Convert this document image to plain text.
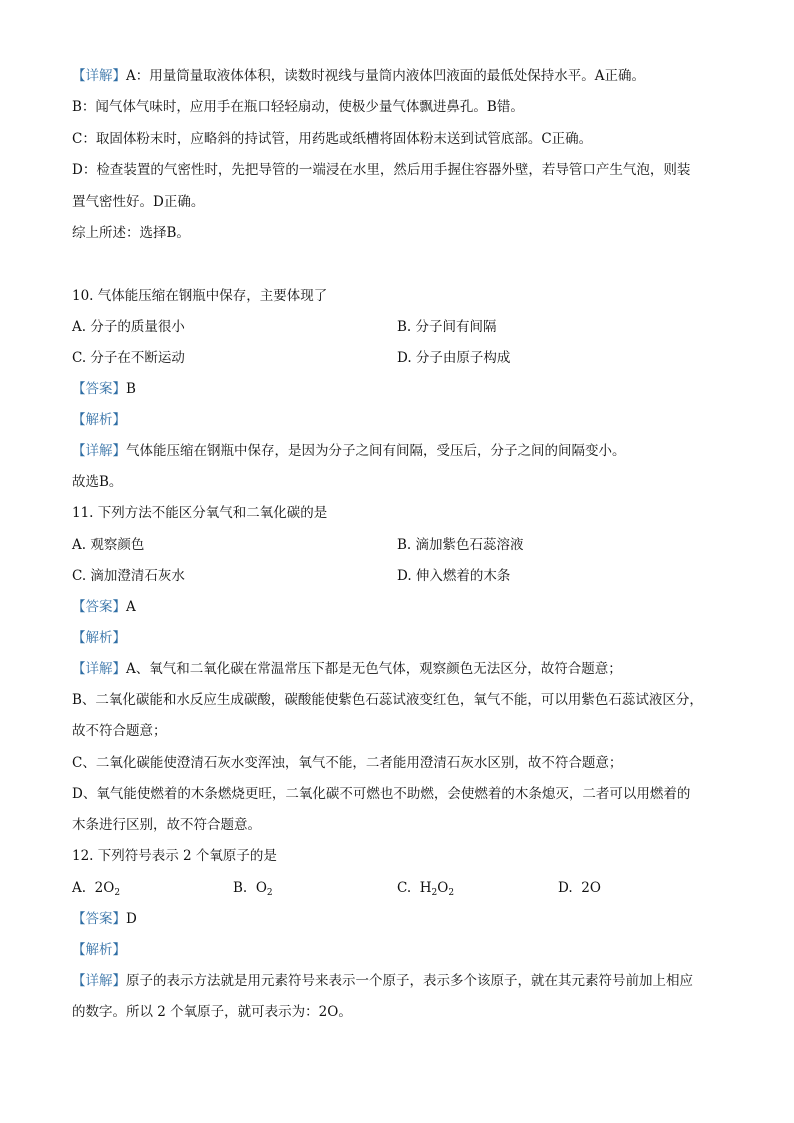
【详解】A：用量筒量取液体体积，读数时视线与量筒内液体凹液面的最低处保持水平。A正确。
B：闻气体气味时，应用手在瓶口轻轻扇动，使极少量气体飘进鼻孔。B错。
C：取固体粉末时，应略斜的持试管，用药匙或纸槽将固体粉末送到试管底部。C正确。
D：检查装置的气密性时，先把导管的一端浸在水里，然后用手握住容器外壁，若导管口产生气泡，则装
置气密性好。D正确。
综上所述：选择B。
10. 气体能压缩在钢瓶中保存，主要体现了
A. 分子的质量很小	B. 分子间有间隔
C. 分子在不断运动	D. 分子由原子构成
【答案】B
【解析】
【详解】气体能压缩在钢瓶中保存，是因为分子之间有间隔，受压后，分子之间的间隔变小。
故选B。
11. 下列方法不能区分氧气和二氧化碳的是
A. 观察颜色	B. 滴加紫色石蕊溶液
C. 滴加澄清石灰水	D. 伸入燃着的木条
【答案】A
【解析】
【详解】A、氧气和二氧化碳在常温常压下都是无色气体，观察颜色无法区分，故符合题意；
B、二氧化碳能和水反应生成碳酸，碳酸能使紫色石蕊试液变红色，氧气不能，可以用紫色石蕊试液区分，
故不符合题意；
C、二氧化碳能使澄清石灰水变浑浊，氧气不能，二者能用澄清石灰水区别，故不符合题意；
D、氧气能使燃着的木条燃烧更旺，二氧化碳不可燃也不助燃，会使燃着的木条熄灭，二者可以用燃着的
木条进行区别，故不符合题意。
12. 下列符号表示 2 个氧原子的是
A. $2O_2$	B. $O_2$	C. $H_2O_2$	D. 2O
【答案】D
【解析】
【详解】原子的表示方法就是用元素符号来表示一个原子，表示多个该原子，就在其元素符号前加上相应
的数字。所以 2 个氧原子，就可表示为：2O。
